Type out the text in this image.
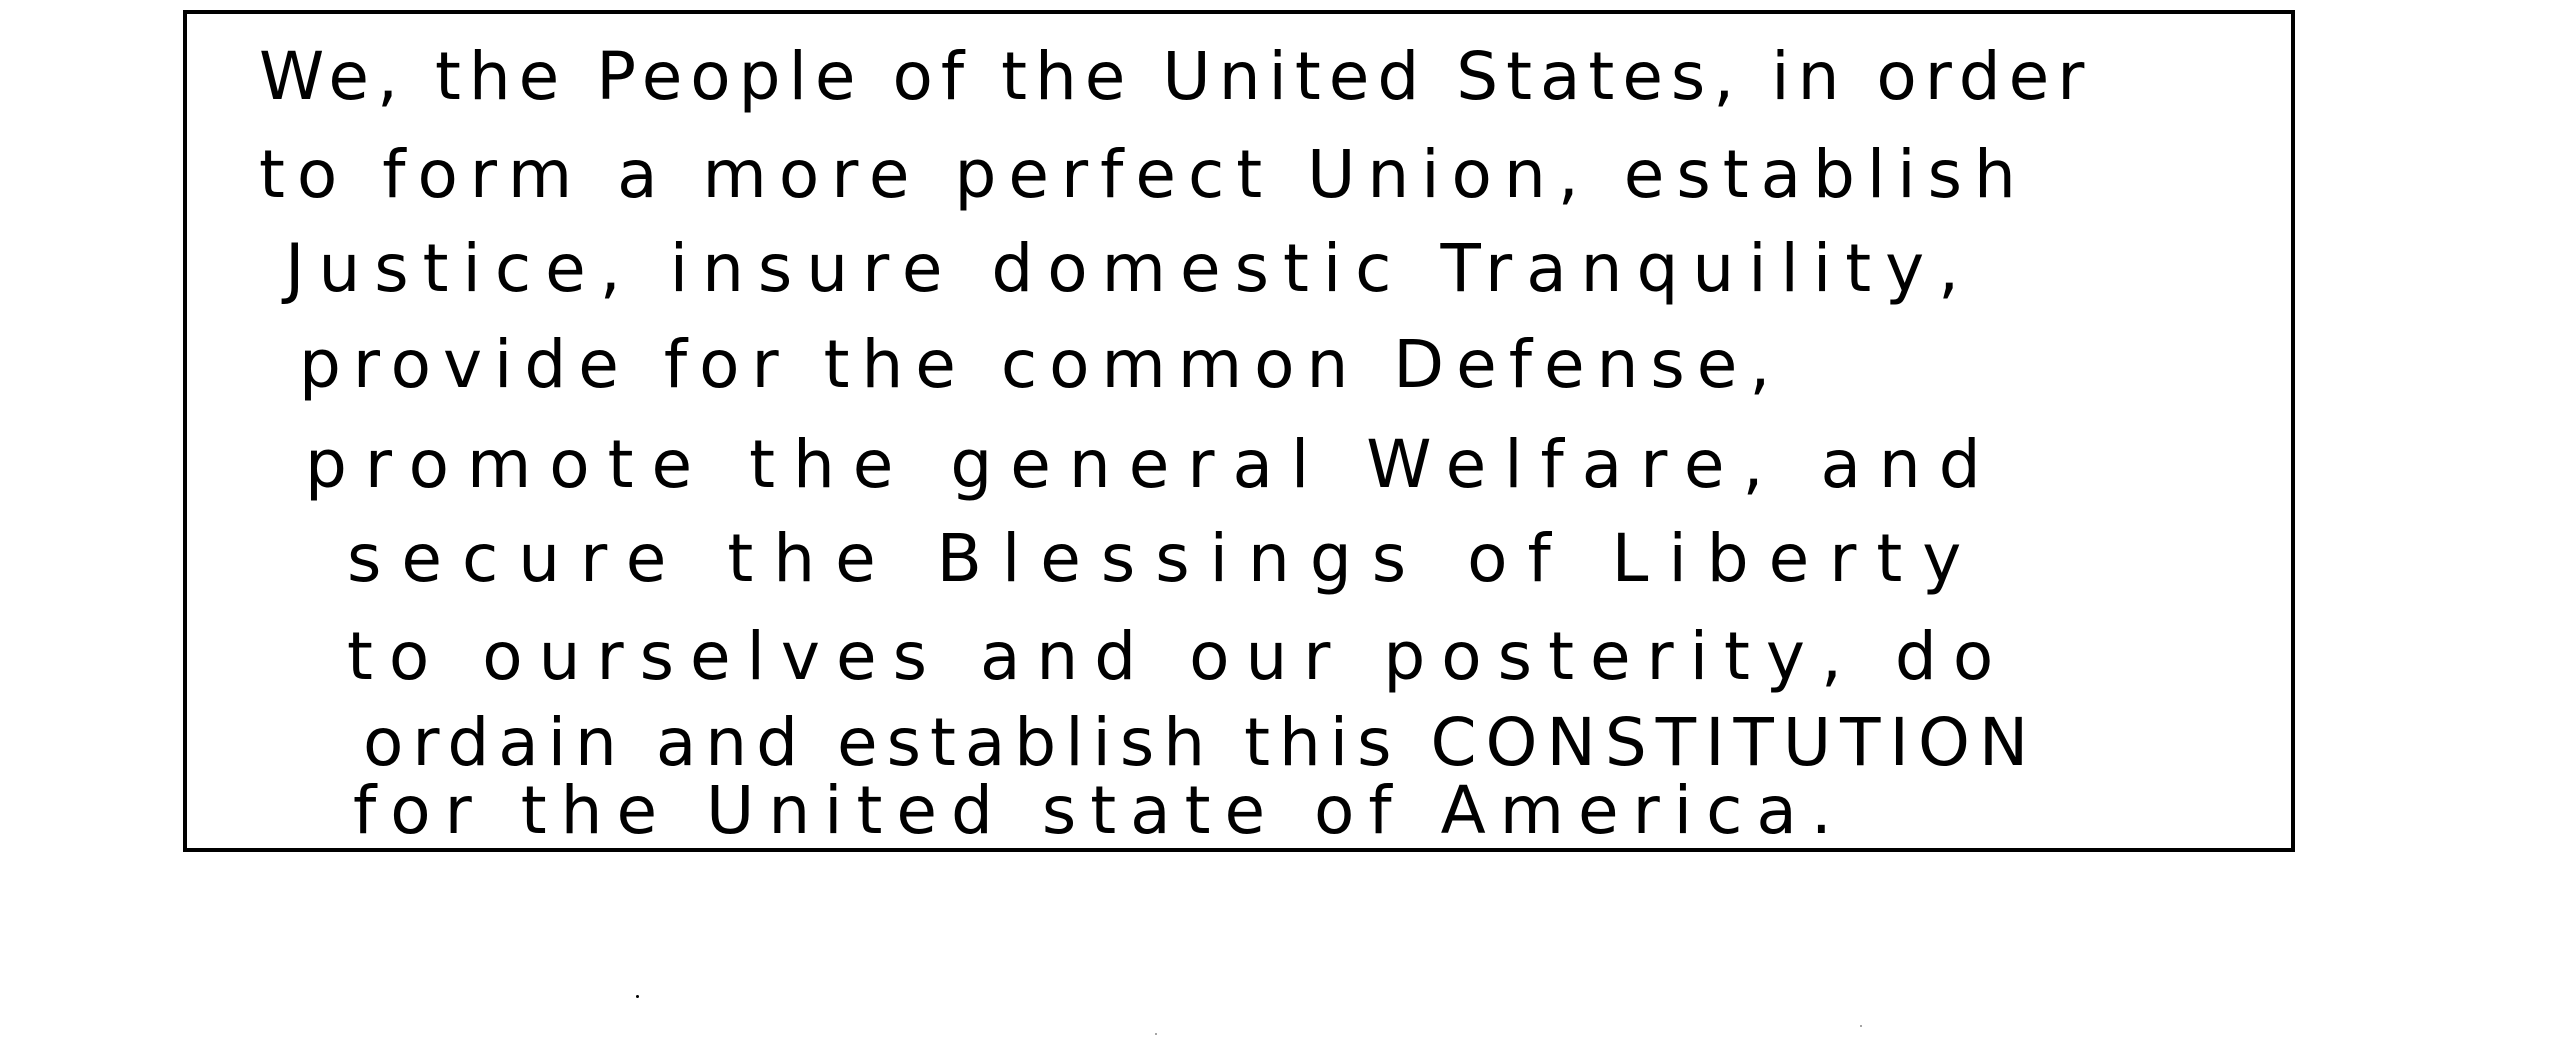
We, the People of the United States, in order
to form a more perfect Union, establish
Justice, insure domestic Tranquility,
provide for the common Defense,
promote the general Welfare, and
secure the Blessings of Liberty
to ourselves and our posterity, do
ordain and establish this CONSTITUTION
for the United state of America.
